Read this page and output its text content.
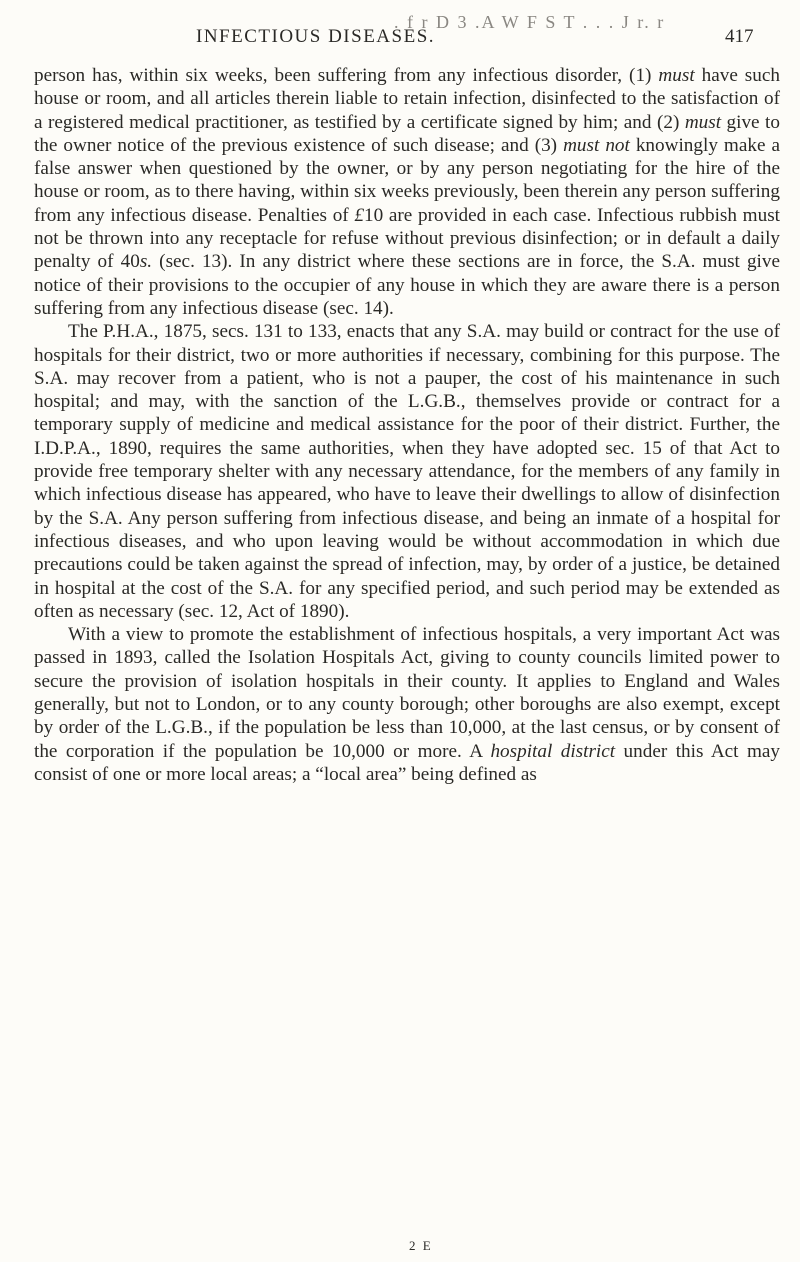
. f r D 3 .A W F S T . . . J r. r
INFECTIOUS DISEASES.	417

person has, within six weeks, been suffering from any infectious disorder, (1) must have such house or room, and all articles therein liable to retain infection, disinfected to the satisfaction of a registered medical practitioner, as testified by a certificate signed by him; and (2) must give to the owner notice of the previous existence of such disease; and (3) must not knowingly make a false answer when questioned by the owner, or by any person negotiating for the hire of the house or room, as to there having, within six weeks previously, been therein any person suffering from any infectious disease. Penalties of £10 are provided in each case. Infectious rubbish must not be thrown into any receptacle for refuse without previous disinfection; or in default a daily penalty of 40s. (sec. 13). In any district where these sections are in force, the S.A. must give notice of their provisions to the occupier of any house in which they are aware there is a person suffering from any infectious disease (sec. 14).

The P.H.A., 1875, secs. 131 to 133, enacts that any S.A. may build or contract for the use of hospitals for their district, two or more authorities if necessary, combining for this purpose. The S.A. may recover from a patient, who is not a pauper, the cost of his maintenance in such hospital; and may, with the sanction of the L.G.B., themselves provide or contract for a temporary supply of medicine and medical assistance for the poor of their district. Further, the I.D.P.A., 1890, requires the same authorities, when they have adopted sec. 15 of that Act to provide free temporary shelter with any necessary attendance, for the members of any family in which infectious disease has appeared, who have to leave their dwellings to allow of disinfection by the S.A. Any person suffering from infectious disease, and being an inmate of a hospital for infectious diseases, and who upon leaving would be without accommodation in which due precautions could be taken against the spread of infection, may, by order of a justice, be detained in hospital at the cost of the S.A. for any specified period, and such period may be extended as often as necessary (sec. 12, Act of 1890).

With a view to promote the establishment of infectious hospitals, a very important Act was passed in 1893, called the Isolation Hospitals Act, giving to county councils limited power to secure the provision of isolation hospitals in their county. It applies to England and Wales generally, but not to London, or to any county borough; other boroughs are also exempt, except by order of the L.G.B., if the population be less than 10,000, at the last census, or by consent of the corporation if the population be 10,000 or more. A hospital district under this Act may consist of one or more local areas; a “local area” being defined as

2 E
